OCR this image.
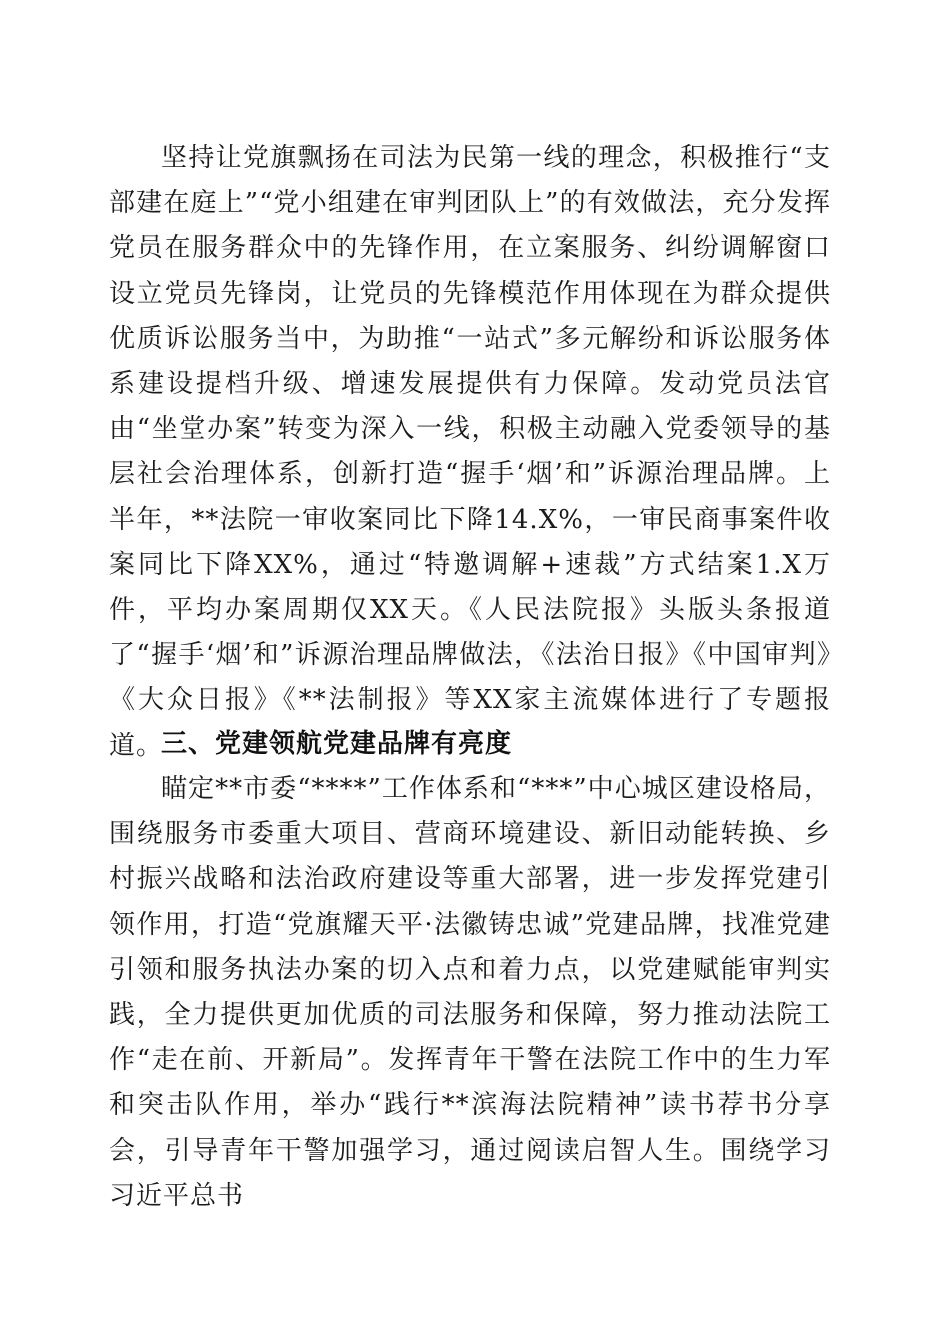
坚持让党旗飘扬在司法为民第一线的理念，积极推行“支部建在庭上”“党小组建在审判团队上”的有效做法，充分发挥党员在服务群众中的先锋作用，在立案服务、纠纷调解窗口设立党员先锋岗，让党员的先锋模范作用体现在为群众提供优质诉讼服务当中，为助推“一站式”多元解纷和诉讼服务体系建设提档升级、增速发展提供有力保障。发动党员法官由“坐堂办案”转变为深入一线，积极主动融入党委领导的基层社会治理体系，创新打造“握手‘烟’和”诉源治理品牌。上半年，**法院一审收案同比下降14.X%，一审民商事案件收案同比下降XX%，通过“特邀调解+速裁”方式结案1.X万件，平均办案周期仅XX天。《人民法院报》头版头条报道了“握手‘烟’和”诉源治理品牌做法，《法治日报》《中国审判》《大众日报》《**法制报》等XX家主流媒体进行了专题报道。

三、党建领航党建品牌有亮度

瞄定**市委“****”工作体系和“***”中心城区建设格局，围绕服务市委重大项目、营商环境建设、新旧动能转换、乡村振兴战略和法治政府建设等重大部署，进一步发挥党建引领作用，打造“党旗耀天平·法徽铸忠诚”党建品牌，找准党建引领和服务执法办案的切入点和着力点，以党建赋能审判实践，全力提供更加优质的司法服务和保障，努力推动法院工作“走在前、开新局”。发挥青年干警在法院工作中的生力军和突击队作用，举办“践行**滨海法院精神”读书荐书分享会，引导青年干警加强学习，通过阅读启智人生。围绕学习习近平总书
